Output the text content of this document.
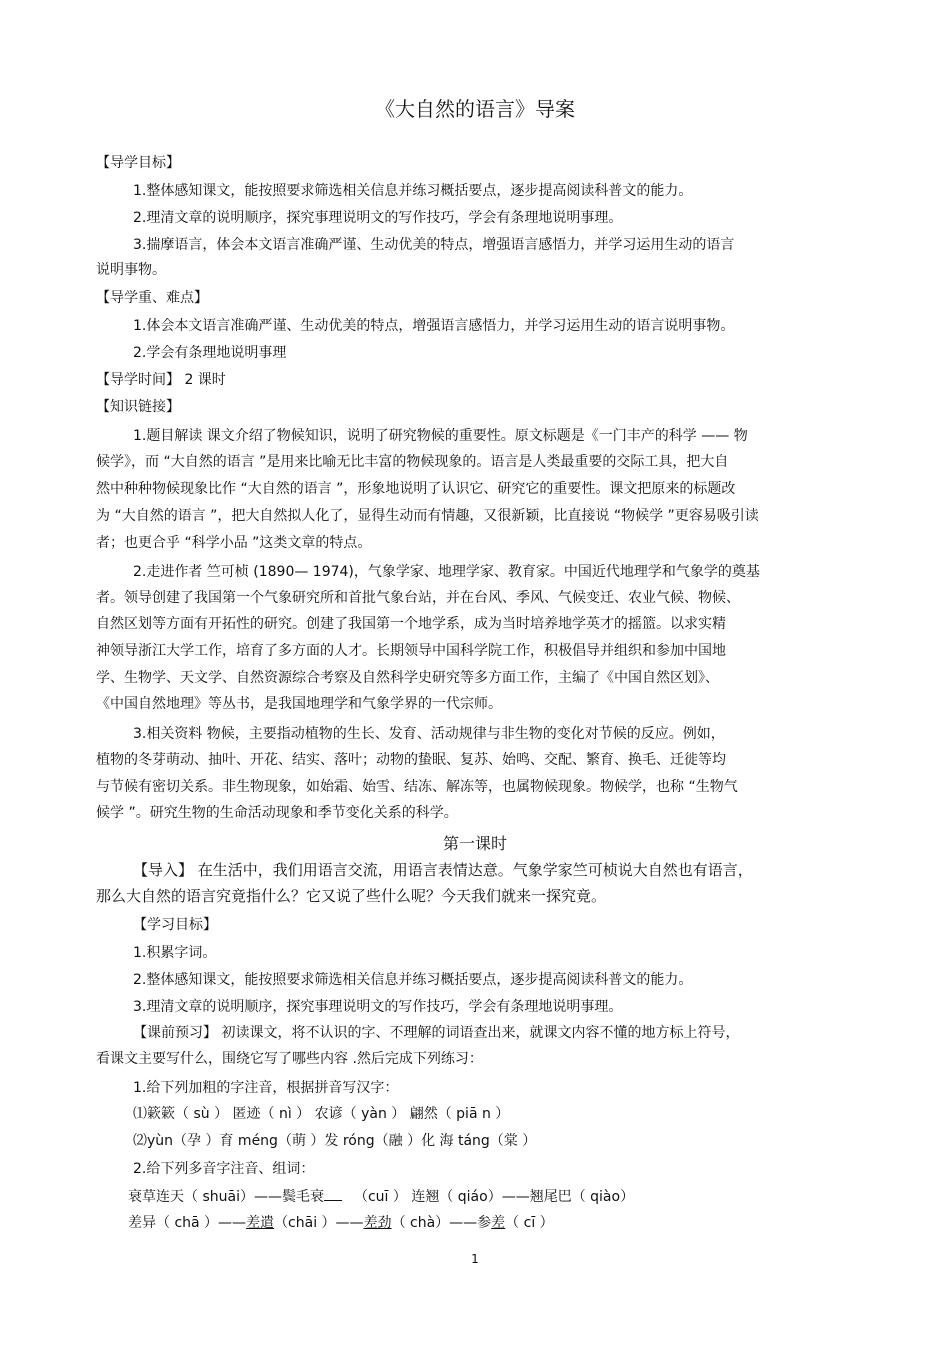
《大自然的语言》导案
【导学目标】
1.整体感知课文，能按照要求筛选相关信息并练习概括要点，逐步提高阅读科普文的能力。
2.理清文章的说明顺序，探究事理说明文的写作技巧，学会有条理地说明事理。
3.揣摩语言，体会本文语言准确严谨、生动优美的特点，增强语言感悟力，并学习运用生动的语言
说明事物。
【导学重、难点】
1.体会本文语言准确严谨、生动优美的特点，增强语言感悟力，并学习运用生动的语言说明事物。
2.学会有条理地说明事理
【导学时间】 2 课时
【知识链接】
1.题目解读 课文介绍了物候知识，说明了研究物候的重要性。原文标题是《一门丰产的科学 —— 物
候学》，而 “大自然的语言 ”是用来比喻无比丰富的物候现象的。语言是人类最重要的交际工具，把大自
然中种种物候现象比作 “大自然的语言 ”，形象地说明了认识它、研究它的重要性。课文把原来的标题改
为 “大自然的语言 ”，把大自然拟人化了，显得生动而有情趣，又很新颖，比直接说 “物候学 ”更容易吸引读
者；也更合乎 “科学小品 ”这类文章的特点。
2.走进作者 竺可桢 (1890— 1974)，气象学家、地理学家、教育家。中国近代地理学和气象学的奠基
者。领导创建了我国第一个气象研究所和首批气象台站，并在台风、季风、气候变迁、农业气候、物候、
自然区划等方面有开拓性的研究。创建了我国第一个地学系，成为当时培养地学英才的摇篮。以求实精
神领导浙江大学工作，培育了多方面的人才。长期领导中国科学院工作，积极倡导并组织和参加中国地
学、生物学、天文学、自然资源综合考察及自然科学史研究等多方面工作，主编了《中国自然区划》、
《中国自然地理》等丛书，是我国地理学和气象学界的一代宗师。
3.相关资料 物候，主要指动植物的生长、发育、活动规律与非生物的变化对节候的反应。例如，
植物的冬芽萌动、抽叶、开花、结实、落叶；动物的蛰眠、复苏、始鸣、交配、繁育、换毛、迁徙等均
与节候有密切关系。非生物现象，如始霜、始雪、结冻、解冻等，也属物候现象。物候学，也称 “生物气
候学 ”。研究生物的生命活动现象和季节变化关系的科学。
第一课时
【导入】 在生活中，我们用语言交流，用语言表情达意。气象学家竺可桢说大自然也有语言，
那么大自然的语言究竟指什么？它又说了些什么呢？今天我们就来一探究竟。
【学习目标】
1.积累字词。
2.整体感知课文，能按照要求筛选相关信息并练习概括要点，逐步提高阅读科普文的能力。
3.理清文章的说明顺序，探究事理说明文的写作技巧，学会有条理地说明事理。
【课前预习】 初读课文，将不认识的字、不理解的词语查出来，就课文内容不懂的地方标上符号，
看课文主要写什么，围绕它写了哪些内容 .然后完成下列练习：
1.给下列加粗的字注音，根据拼音写汉字：
⑴簌簌（ sù ） 匿迹（ nì ） 农谚（ yàn ） 翩然（ piā n ）
⑵yùn（孕 ）育 méng（萌 ）发 róng（融 ）化 海 táng（棠 ）
2.给下列多音字注音、组词：
衰草连天（ shuāi）——鬓毛衰 （cuī ） 连翘（ qiáo）——翘尾巴（ qiào）
差异（ chā ）——差遣（chāi ）——差劲（ chà）——参差（ cī ）
1
